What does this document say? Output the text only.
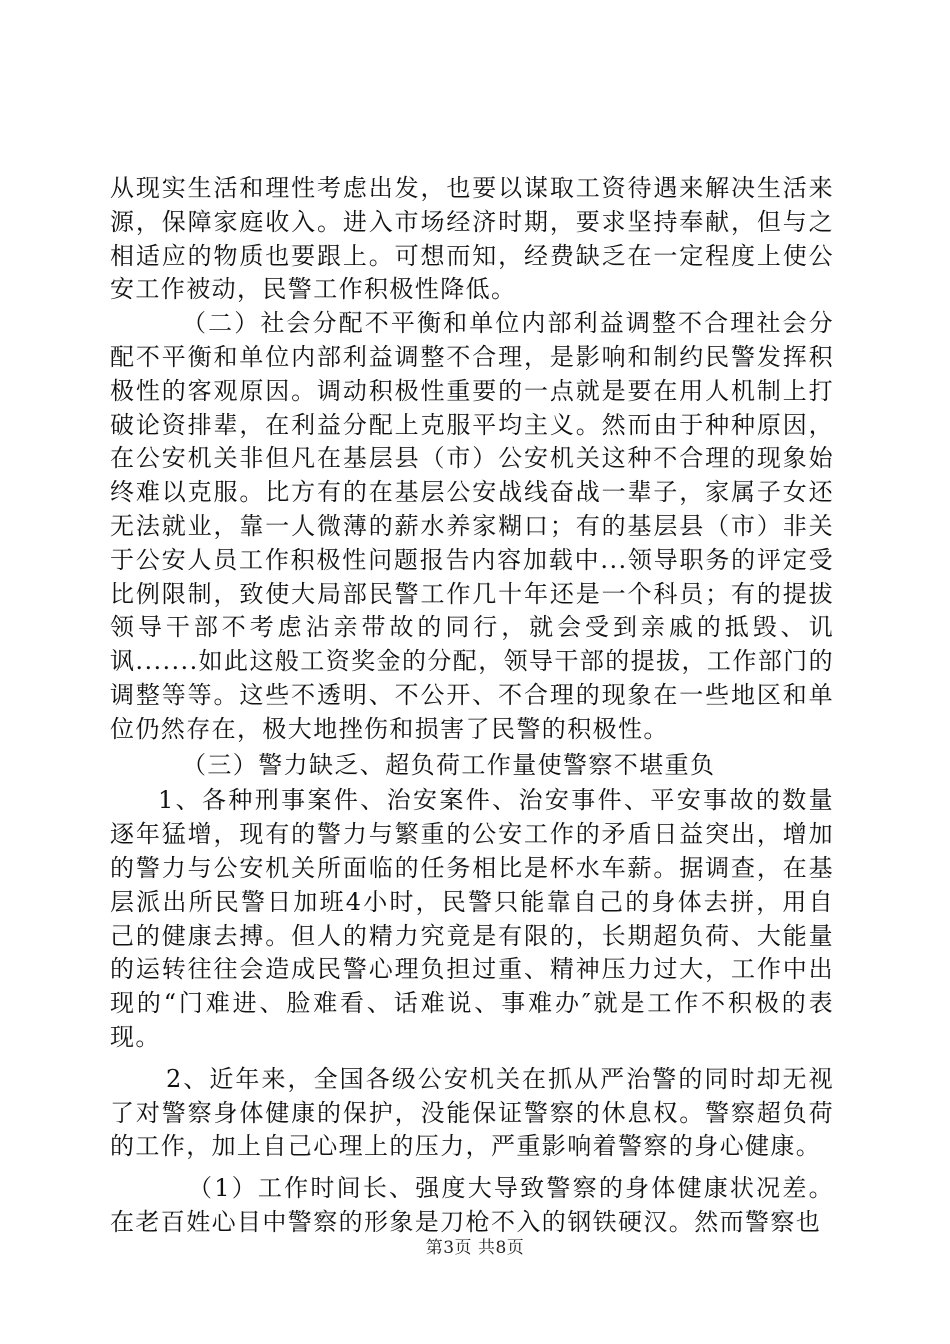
从现实生活和理性考虑出发，也要以谋取工资待遇来解决生活来源，保障家庭收入。进入市场经济时期，要求坚持奉献，但与之相适应的物质也要跟上。可想而知，经费缺乏在一定程度上使公安工作被动，民警工作积极性降低。

（二）社会分配不平衡和单位内部利益调整不合理社会分配不平衡和单位内部利益调整不合理，是影响和制约民警发挥积极性的客观原因。调动积极性重要的一点就是要在用人机制上打破论资排辈，在利益分配上克服平均主义。然而由于种种原因，在公安机关非但凡在基层县（市）公安机关这种不合理的现象始终难以克服。比方有的在基层公安战线奋战一辈子，家属子女还无法就业，靠一人微薄的薪水养家糊口；有的基层县（市）非关于公安人员工作积极性问题报告内容加载中...领导职务的评定受比例限制，致使大局部民警工作几十年还是一个科员；有的提拔领导干部不考虑沾亲带故的同行，就会受到亲戚的抵毁、讥讽.......如此这般工资奖金的分配，领导干部的提拔，工作部门的调整等等。这些不透明、不公开、不合理的现象在一些地区和单位仍然存在，极大地挫伤和损害了民警的积极性。

（三）警力缺乏、超负荷工作量使警察不堪重负

1、各种刑事案件、治安案件、治安事件、平安事故的数量逐年猛增，现有的警力与繁重的公安工作的矛盾日益突出，增加的警力与公安机关所面临的任务相比是杯水车薪。据调查，在基层派出所民警日加班4小时，民警只能靠自己的身体去拼，用自己的健康去搏。但人的精力究竟是有限的，长期超负荷、大能量的运转往往会造成民警心理负担过重、精神压力过大，工作中出现的“门难进、脸难看、话难说、事难办″就是工作不积极的表现。

2、近年来，全国各级公安机关在抓从严治警的同时却无视了对警察身体健康的保护，没能保证警察的休息权。警察超负荷的工作，加上自己心理上的压力，严重影响着警察的身心健康。

（1）工作时间长、强度大导致警察的身体健康状况差。在老百姓心目中警察的形象是刀枪不入的钢铁硬汉。然而警察也

第3页 共8页
